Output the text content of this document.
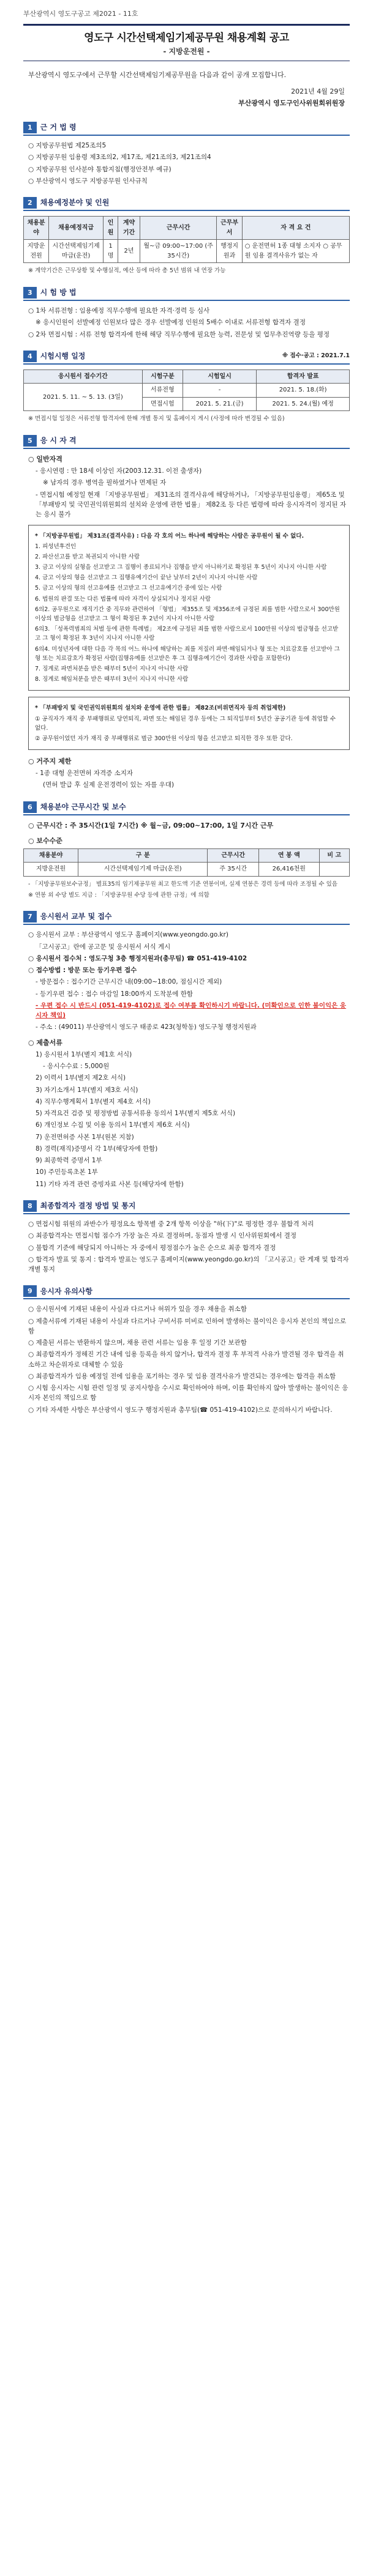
부산광역시 영도구공고 제2021 - 11호
영도구 시간선택제임기제공무원 채용계획 공고
- 지방운전원 -
부산광역시 영도구에서 근무할 시간선택제임기제공무원을 다음과 같이 공개 모집합니다.
2021년 4월 29일
부산광역시 영도구인사위원회위원장
1	근 거 법 령
○ 지방공무원법 제25조의5
○ 지방공무원 임용령 제3조의2, 제17조, 제21조의3, 제21조의4
○ 지방공무원 인사분야 통합지침(행정안전부 예규)
○ 부산광역시 영도구 지방공무원 인사규칙
2	채용예정분야 및 인원
채용분야	채용예정직급	인원	계약기간	근무시간	근무부서	자 격 요 건
지방운전원	시간선택제임기제 마급(운전)	1명	2년	월~금 09:00~17:00 (주 35시간)	행정지원과	○ 운전면허 1종 대형 소지자 ○ 공무원 임용 결격사유가 없는 자
※ 계약기간은 근무상황 및 수행실적, 예산 등에 따라 총 5년 범위 내 연장 가능
3	시 험 방 법
○ 1차 서류전형 : 임용예정 직무수행에 필요한 자격·경력 등 심사
※ 응시인원이 선발예정 인원보다 많은 경우 선발예정 인원의 5배수 이내로 서류전형 합격자 결정
○ 2차 면접시험 : 서류 전형 합격자에 한해 해당 직무수행에 필요한 능력, 전문성 및 업무추진역량 등을 평정
4	시험시행 일정	※ 접수·공고 : 2021.7.1
응시원서 접수기간	시험구분	시험일시	합격자 발표
2021. 5. 11. ~ 5. 13. (3일)	서류전형	-	2021. 5. 18.(화)
	면접시험	2021. 5. 21.(금)	2021. 5. 24.(월) 예정
※ 면접시험 일정은 서류전형 합격자에 한해 개별 통지 및 홈페이지 게시 (사정에 따라 변경될 수 있음)
5	응 시 자 격
○ 일반자격
- 응시연령 : 만 18세 이상인 자(2003.12.31. 이전 출생자)
※ 남자의 경우 병역을 필하였거나 면제된 자
- 면접시험 예정일 현재 「지방공무원법」 제31조의 결격사유에 해당하거나, 「지방공무원임용령」 제65조 및 「부패방지 및 국민권익위원회의 설치와 운영에 관한 법률」 제82조 등 다른 법령에 따라 응시자격이 정지된 자는 응시 불가
* 「지방공무원법」 제31조(결격사유) : 다음 각 호의 어느 하나에 해당하는 사람은 공무원이 될 수 없다.
1. 피성년후견인
2. 파산선고를 받고 복권되지 아니한 사람
3. 금고 이상의 실형을 선고받고 그 집행이 종료되거나 집행을 받지 아니하기로 확정된 후 5년이 지나지 아니한 사람
4. 금고 이상의 형을 선고받고 그 집행유예기간이 끝난 날부터 2년이 지나지 아니한 사람
5. 금고 이상의 형의 선고유예를 선고받고 그 선고유예기간 중에 있는 사람
6. 법원의 판결 또는 다른 법률에 따라 자격이 상실되거나 정지된 사람
6의2. 공무원으로 재직기간 중 직무와 관련하여 「형법」 제355조 및 제356조에 규정된 죄를 범한 사람으로서 300만원 이상의 벌금형을 선고받고 그 형이 확정된 후 2년이 지나지 아니한 사람
6의3. 「성폭력범죄의 처벌 등에 관한 특례법」 제2조에 규정된 죄를 범한 사람으로서 100만원 이상의 벌금형을 선고받고 그 형이 확정된 후 3년이 지나지 아니한 사람
6의4. 미성년자에 대한 다음 각 목의 어느 하나에 해당하는 죄를 저질러 파면·해임되거나 형 또는 치료감호를 선고받아 그 형 또는 치료감호가 확정된 사람(집행유예를 선고받은 후 그 집행유예기간이 경과한 사람을 포함한다)
7. 징계로 파면처분을 받은 때부터 5년이 지나지 아니한 사람
8. 징계로 해임처분을 받은 때부터 3년이 지나지 아니한 사람
* 「부패방지 및 국민권익위원회의 설치와 운영에 관한 법률」 제82조(비위면직자 등의 취업제한)
① 공직자가 재직 중 부패행위로 당연퇴직, 파면 또는 해임된 경우 등에는 그 퇴직일부터 5년간 공공기관 등에 취업할 수 없다.
② 공무원이었던 자가 재직 중 부패행위로 벌금 300만원 이상의 형을 선고받고 퇴직한 경우 또한 같다.
○ 거주지 제한
- 1종 대형 운전면허 자격증 소지자
(면허 발급 후 실제 운전경력이 있는 자를 우대)
6	채용분야 근무시간 및 보수
○ 근무시간 : 주 35시간(1일 7시간) ※ 월~금, 09:00~17:00, 1일 7시간 근무
○ 보수수준
채용분야	구 분	근무시간	연 봉 액	비 고
지방운전원	시간선택제임기제 마급(운전)	주 35시간	26,416천원	
- 「지방공무원보수규정」 별표35의 임기제공무원 최고 한도액 기준 연봉이며, 실제 연봉은 경력 등에 따라 조정될 수 있음
※ 연봉 외 수당 별도 지급 : 「지방공무원 수당 등에 관한 규정」에 의함
7	응시원서 교부 및 접수
○ 응시원서 교부 : 부산광역시 영도구 홈페이지(www.yeongdo.go.kr)
「고시공고」란에 공고문 및 응시원서 서식 게시
○ 응시원서 접수처 : 영도구청 3층 행정지원과(총무팀) ☎ 051-419-4102
○ 접수방법 : 방문 또는 등기우편 접수
- 방문접수 : 접수기간 근무시간 내(09:00~18:00, 점심시간 제외)
- 등기우편 접수 : 접수 마감일 18:00까지 도착분에 한함
- 우편 접수 시 반드시 (051-419-4102)로 접수 여부를 확인하시기 바랍니다. (미확인으로 인한 불이익은 응시자 책임)
- 주소 : (49011) 부산광역시 영도구 태종로 423(청학동) 영도구청 행정지원과
○ 제출서류
1) 응시원서 1부(별지 제1호 서식)
- 응시수수료 : 5,000원
2) 이력서 1부(별지 제2호 서식)
3) 자기소개서 1부(별지 제3호 서식)
4) 직무수행계획서 1부(별지 제4호 서식)
5) 자격요건 검증 및 평정방법 공통서류용 동의서 1부(별지 제5호 서식)
6) 개인정보 수집 및 이용 동의서 1부(별지 제6호 서식)
7) 운전면허증 사본 1부(원본 지참)
8) 경력(재직)증명서 각 1부(해당자에 한함)
9) 최종학력 증명서 1부
10) 주민등록초본 1부
11) 기타 자격 관련 증빙자료 사본 등(해당자에 한함)
8	최종합격자 결정 방법 및 통지
○ 면접시험 위원의 과반수가 평정요소 항목별 중 2개 항목 이상을 "하(下)"로 평정한 경우 불합격 처리
○ 최종합격자는 면접시험 점수가 가장 높은 자로 결정하며, 동점자 발생 시 인사위원회에서 결정
○ 불합격 기준에 해당되지 아니하는 자 중에서 평정점수가 높은 순으로 최종 합격자 결정
○ 합격자 발표 및 통지 : 합격자 발표는 영도구 홈페이지(www.yeongdo.go.kr)의 「고시공고」란 게재 및 합격자 개별 통지
9	응시자 유의사항
○ 응시원서에 기재된 내용이 사실과 다르거나 허위가 있을 경우 채용을 취소함
○ 제출서류에 기재된 내용이 사실과 다르거나 구비서류 미비로 인하여 발생하는 불이익은 응시자 본인의 책임으로 함
○ 제출된 서류는 반환하지 않으며, 채용 관련 서류는 임용 후 일정 기간 보관함
○ 최종합격자가 정해진 기간 내에 임용 등록을 하지 않거나, 합격자 결정 후 부적격 사유가 발견될 경우 합격을 취소하고 차순위자로 대체할 수 있음
○ 최종합격자가 임용 예정일 전에 임용을 포기하는 경우 및 임용 결격사유가 발견되는 경우에는 합격을 취소함
○ 시험 응시자는 시험 관련 일정 및 공지사항을 수시로 확인하여야 하며, 이를 확인하지 않아 발생하는 불이익은 응시자 본인의 책임으로 함
○ 기타 자세한 사항은 부산광역시 영도구 행정지원과 총무팀(☎ 051-419-4102)으로 문의하시기 바랍니다.
